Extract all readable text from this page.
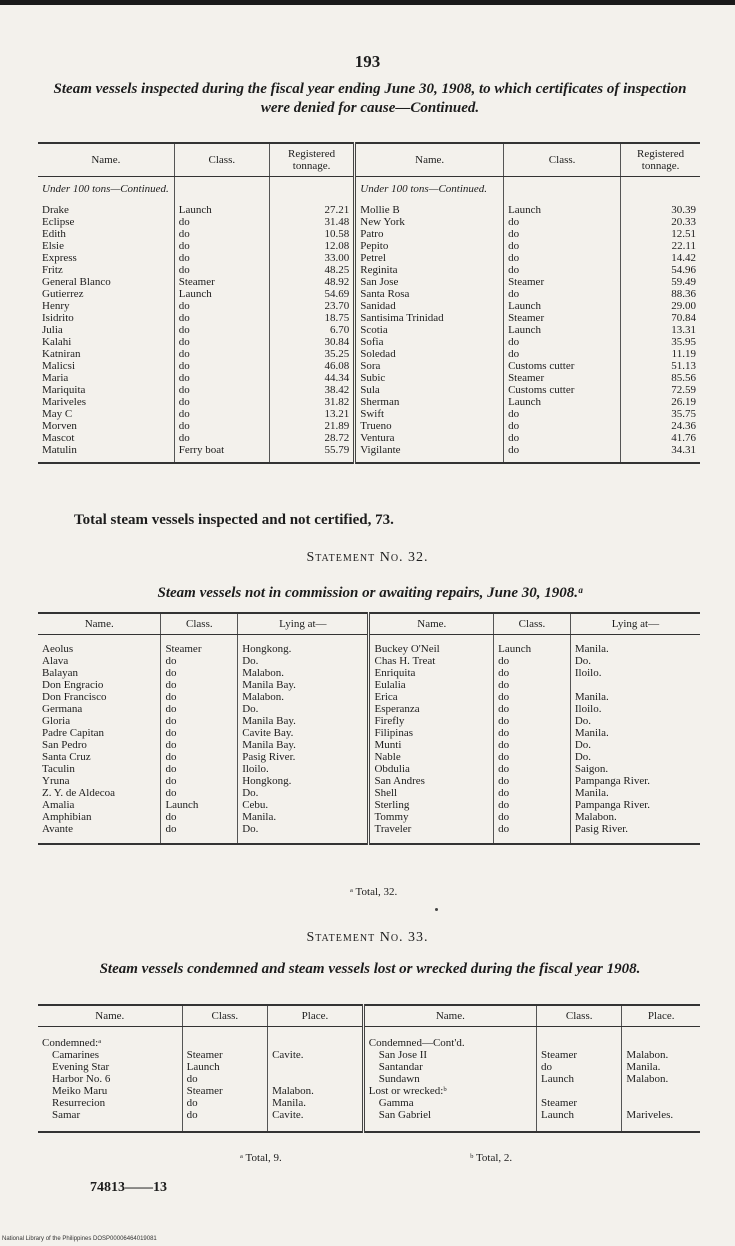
193
Steam vessels inspected during the fiscal year ending June 30, 1908, to which certificates of inspection were denied for cause—Continued.
Name.	Class.	Registered tonnage.	Name.	Class.	Registered tonnage.
Under 100 tons—Continued.			Under 100 tons—Continued.		
Drake	Launch	27.21	Mollie B	Launch	30.39
Eclipse	do	31.48	New York	do	20.33
Edith	do	10.58	Patro	do	12.51
Elsie	do	12.08	Pepito	do	22.11
Express	do	33.00	Petrel	do	14.42
Fritz	do	48.25	Reginita	do	54.96
General Blanco	Steamer	48.92	San Jose	Steamer	59.49
Gutierrez	Launch	54.69	Santa Rosa	do	88.36
Henry	do	23.70	Sanidad	Launch	29.00
Isidrito	do	18.75	Santisima Trinidad	Steamer	70.84
Julia	do	6.70	Scotia	Launch	13.31
Kalahi	do	30.84	Sofia	do	35.95
Katniran	do	35.25	Soledad	do	11.19
Malicsi	do	46.08	Sora	Customs cutter	51.13
Maria	do	44.34	Subic	Steamer	85.56
Mariquita	do	38.42	Sula	Customs cutter	72.59
Mariveles	do	31.82	Sherman	Launch	26.19
May C	do	13.21	Swift	do	35.75
Morven	do	21.89	Trueno	do	24.36
Mascot	do	28.72	Ventura	do	41.76
Matulin	Ferry boat	55.79	Vigilante	do	34.31
Total steam vessels inspected and not certified, 73.
Statement No. 32.
Steam vessels not in commission or awaiting repairs, June 30, 1908.ᵃ
Name.	Class.	Lying at—	Name.	Class.	Lying at—
Aeolus	Steamer	Hongkong.	Buckey O'Neil	Launch	Manila.
Alava	do	Do.	Chas H. Treat	do	Do.
Balayan	do	Malabon.	Enriquita	do	Iloilo.
Don Engracio	do	Manila Bay.	Eulalia	do	
Don Francisco	do	Malabon.	Erica	do	Manila.
Germana	do	Do.	Esperanza	do	Iloilo.
Gloria	do	Manila Bay.	Firefly	do	Do.
Padre Capitan	do	Cavite Bay.	Filipinas	do	Manila.
San Pedro	do	Manila Bay.	Munti	do	Do.
Santa Cruz	do	Pasig River.	Nable	do	Do.
Taculin	do	Iloilo.	Obdulia	do	Saigon.
Yruna	do	Hongkong.	San Andres	do	Pampanga River.
Z. Y. de Aldecoa	do	Do.	Shell	do	Manila.
Amalia	Launch	Cebu.	Sterling	do	Pampanga River.
Amphibian	do	Manila.	Tommy	do	Malabon.
Avante	do	Do.	Traveler	do	Pasig River.
ᵃ Total, 32.
Statement No. 33.
Steam vessels condemned and steam vessels lost or wrecked during the fiscal year 1908.
Name.	Class.	Place.	Name.	Class.	Place.
Condemned:ᵃ			Condemned—Cont'd.		
Camarines	Steamer	Cavite.	San Jose II	Steamer	Malabon.
Evening Star	Launch		Santandar	do	Manila.
Harbor No. 6	do		Sundawn	Launch	Malabon.
Meiko Maru	Steamer	Malabon.	Lost or wrecked:ᵇ		
Resurrecion	do	Manila.	Gamma	Steamer	
Samar	do	Cavite.	San Gabriel	Launch	Mariveles.
ᵃ Total, 9.	ᵇ Total, 2.
74813——13
National Library of the Philippines DOSP00006464019081
